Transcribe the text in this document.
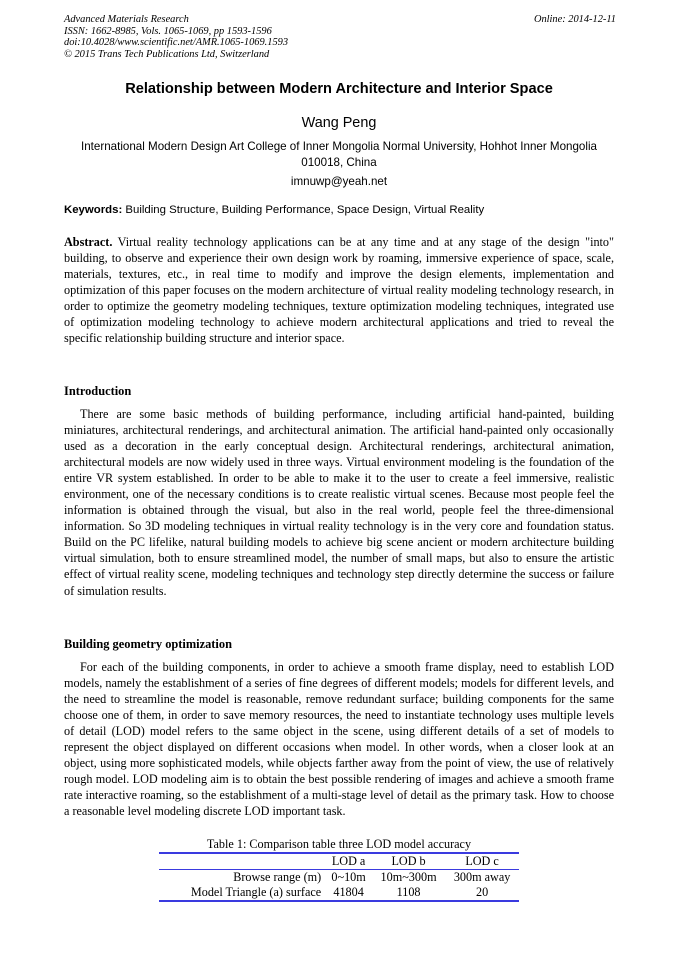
Advanced Materials Research
ISSN: 1662-8985, Vols. 1065-1069, pp 1593-1596
doi:10.4028/www.scientific.net/AMR.1065-1069.1593
© 2015 Trans Tech Publications Ltd, Switzerland
Online: 2014-12-11
Relationship between Modern Architecture and Interior Space
Wang Peng
International Modern Design Art College of Inner Mongolia Normal University, Hohhot Inner Mongolia 010018, China
imnuwp@yeah.net
Keywords: Building Structure, Building Performance, Space Design, Virtual Reality
Abstract. Virtual reality technology applications can be at any time and at any stage of the design "into" building, to observe and experience their own design work by roaming, immersive experience of space, scale, materials, textures, etc., in real time to modify and improve the design elements, implementation and optimization of this paper focuses on the modern architecture of virtual reality modeling technology research, in order to optimize the geometry modeling techniques, texture optimization modeling techniques, integrated use of optimization modeling technology to achieve modern architectural applications and tried to reveal the specific relationship building structure and interior space.
Introduction
There are some basic methods of building performance, including artificial hand-painted, building miniatures, architectural renderings, and architectural animation. The artificial hand-painted only occasionally used as a decoration in the early conceptual design. Architectural renderings, architectural animation, architectural models are now widely used in three ways. Virtual environment modeling is the foundation of the entire VR system established. In order to be able to make it to the user to create a feel immersive, realistic environment, one of the necessary conditions is to create realistic virtual scenes. Because most people feel the information is obtained through the visual, but also in the real world, people feel the three-dimensional information. So 3D modeling techniques in virtual reality technology is in the very core and foundation status. Build on the PC lifelike, natural building models to achieve big scene ancient or modern architecture building virtual simulation, both to ensure streamlined model, the number of small maps, but also to ensure the artistic effect of virtual reality scene, modeling techniques and technology step directly determine the success or failure of simulation results.
Building geometry optimization
For each of the building components, in order to achieve a smooth frame display, need to establish LOD models, namely the establishment of a series of fine degrees of different models; models for different levels, and the need to streamline the model is reasonable, remove redundant surface; building components for the same choose one of them, in order to save memory resources, the need to instantiate technology uses multiple levels of detail (LOD) model refers to the same object in the scene, using different details of a set of models to represent the object displayed on different occasions when model. In other words, when a closer look at an object, using more sophisticated models, while objects farther away from the point of view, the use of relatively rough model. LOD modeling aim is to obtain the best possible rendering of images and achieve a smooth frame rate interactive roaming, so the establishment of a multi-stage level of detail as the primary task. How to choose a reasonable level modeling discrete LOD important task.
Table 1: Comparison table three LOD model accuracy
	LOD a	LOD b	LOD c
Browse range (m)	0~10m	10m~300m	300m away
Model Triangle (a) surface	41804	1108	20
